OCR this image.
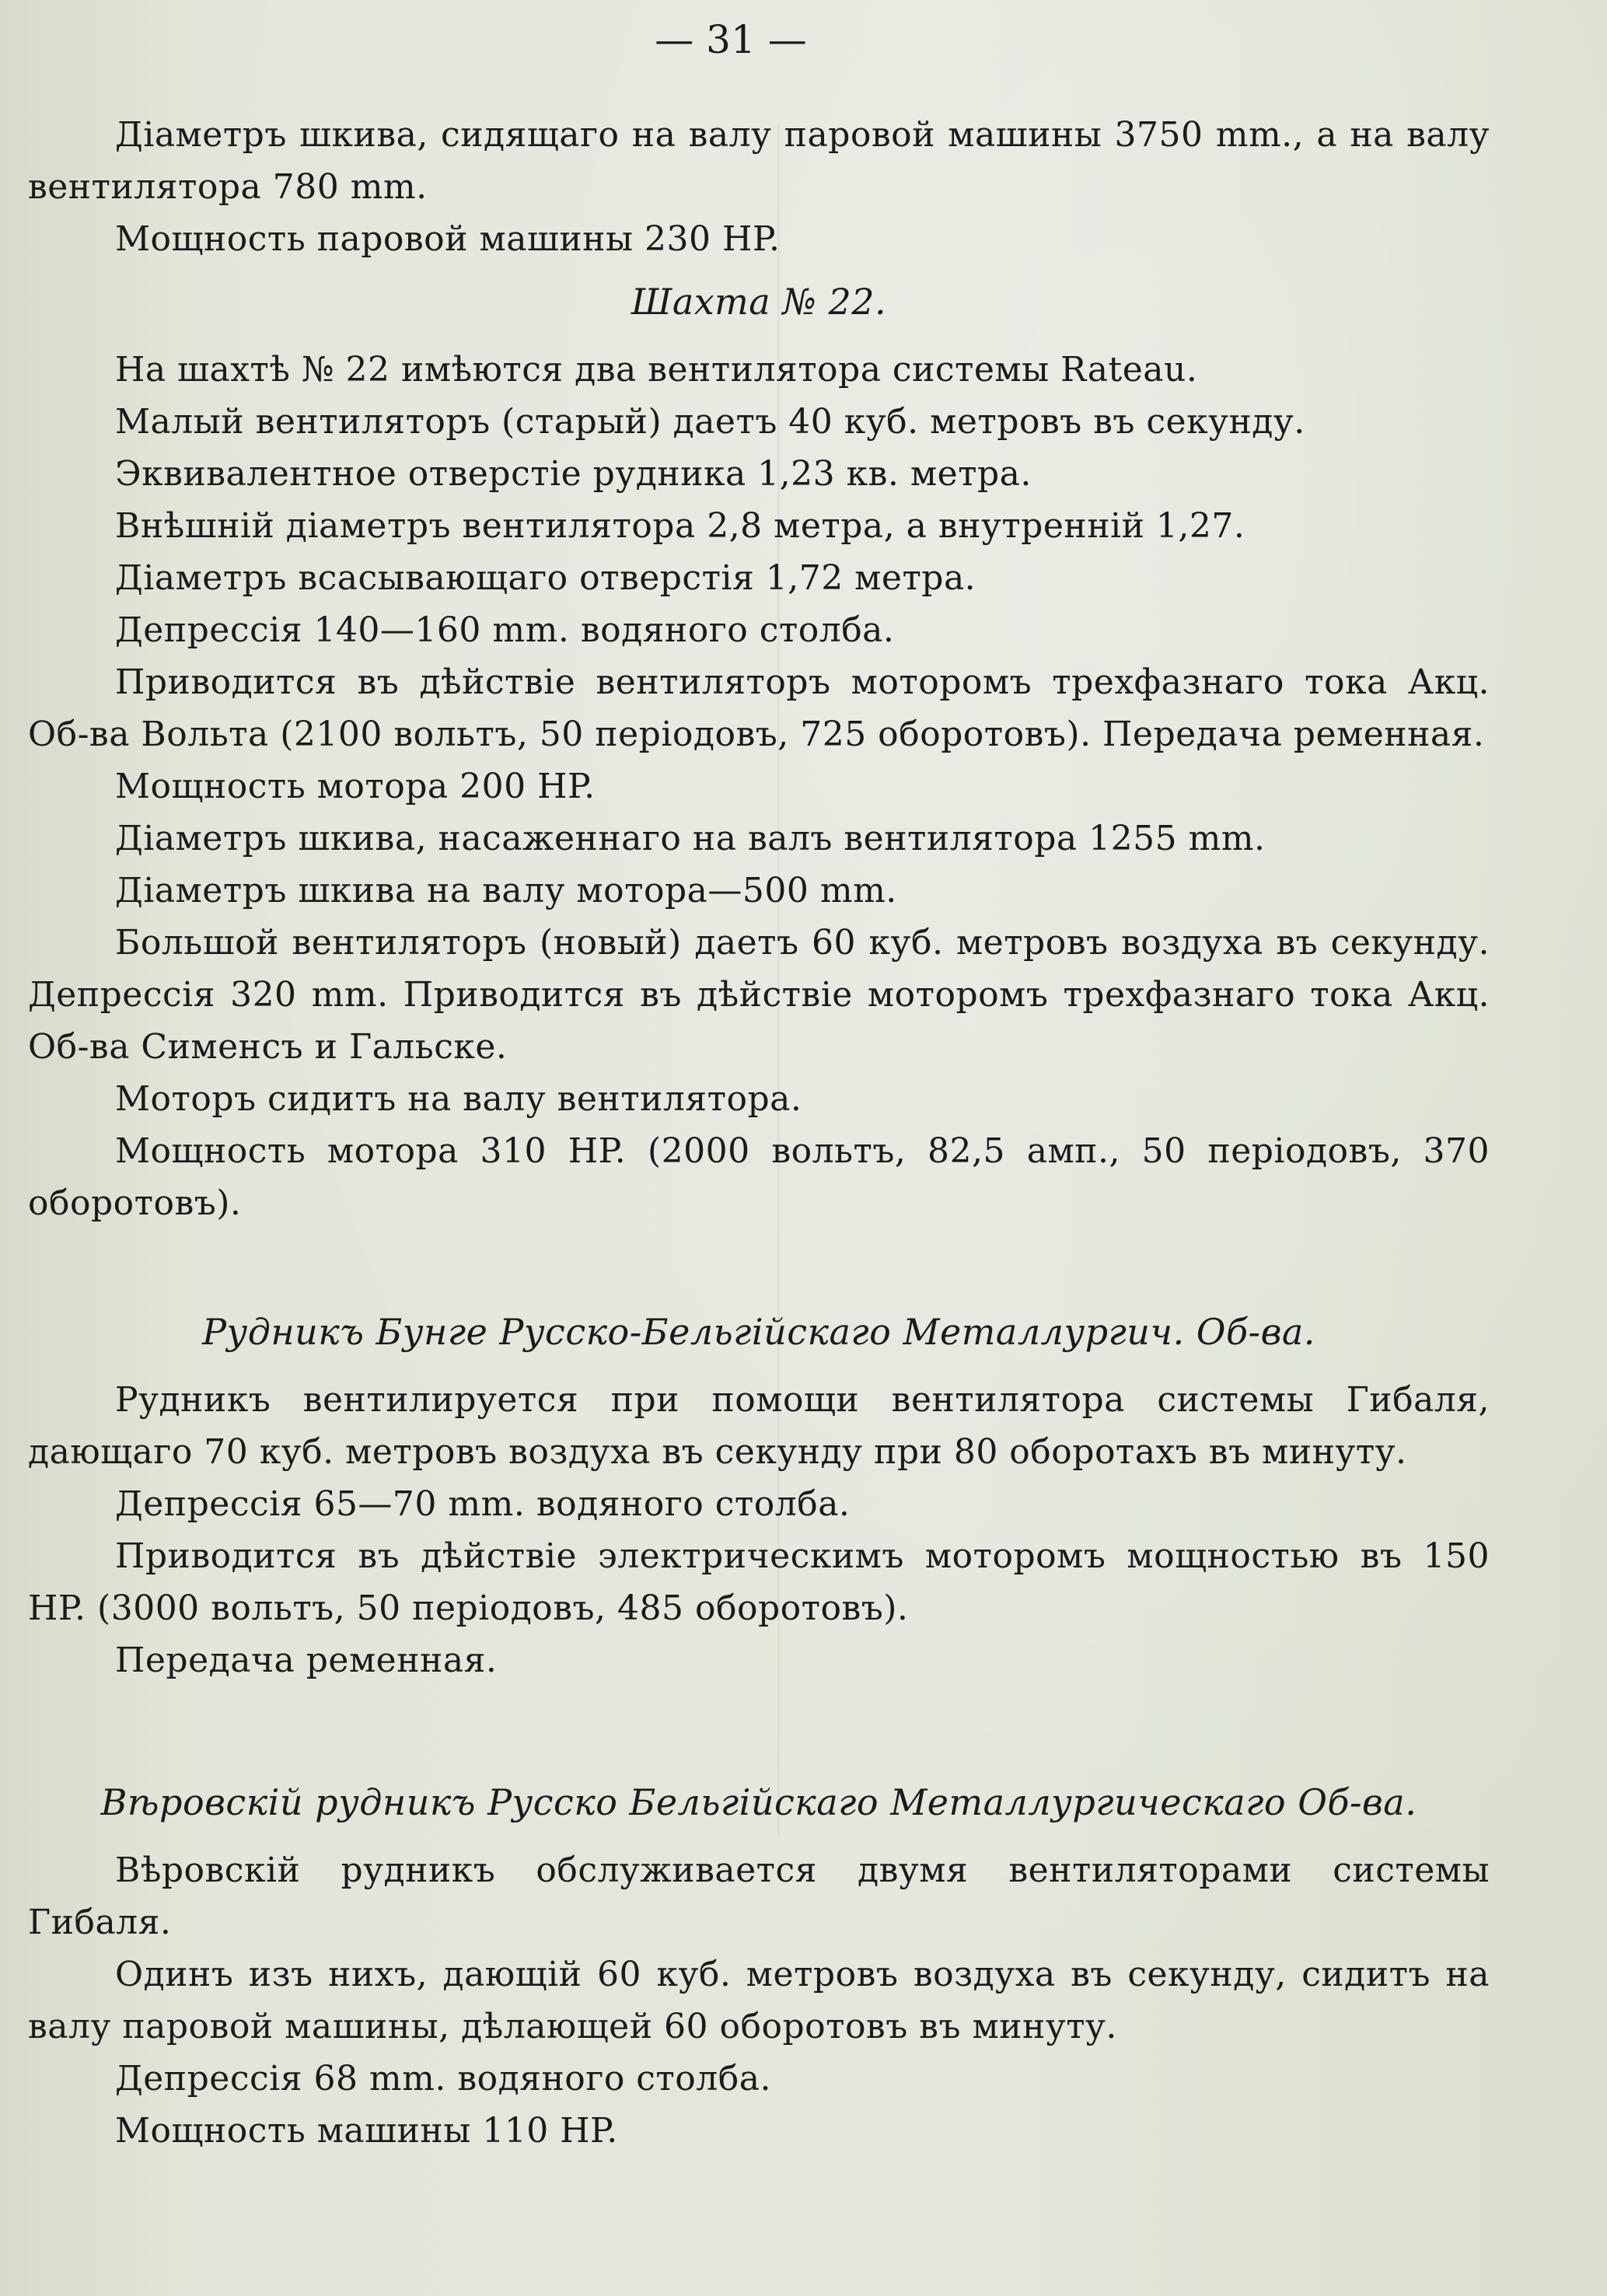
— 31 —

Діаметръ шкива, сидящаго на валу паровой машины 3750 mm., а на валу вентилятора 780 mm.

Мощность паровой машины 230 HP.

Шахта № 22.

На шахтѣ № 22 имѣются два вентилятора системы Rateau.

Малый вентиляторъ (старый) даетъ 40 куб. метровъ въ секунду.

Эквивалентное отверстіе рудника 1,23 кв. метра.

Внѣшній діаметръ вентилятора 2,8 метра, а внутренній 1,27.

Діаметръ всасывающаго отверстія 1,72 метра.

Депрессія 140—160 mm. водяного столба.

Приводится въ дѣйствіе вентиляторъ моторомъ трехфазнаго тока Акц. Об-ва Вольта (2100 вольтъ, 50 періодовъ, 725 оборотовъ). Передача ременная.

Мощность мотора 200 HP.

Діаметръ шкива, насаженнаго на валъ вентилятора 1255 mm.

Діаметръ шкива на валу мотора—500 mm.

Большой вентиляторъ (новый) даетъ 60 куб. метровъ воздуха въ секунду. Депрессія 320 mm. Приводится въ дѣйствіе моторомъ трехфазнаго тока Акц. Об-ва Сименсъ и Гальске.

Моторъ сидитъ на валу вентилятора.

Мощность мотора 310 HP. (2000 вольтъ, 82,5 амп., 50 періодовъ, 370 оборотовъ).

Рудникъ Бунге Русско-Бельгійскаго Металлургич. Об-ва.

Рудникъ вентилируется при помощи вентилятора системы Гибаля, дающаго 70 куб. метровъ воздуха въ секунду при 80 оборотахъ въ минуту.

Депрессія 65—70 mm. водяного столба.

Приводится въ дѣйствіе электрическимъ моторомъ мощностью въ 150 HP. (3000 вольтъ, 50 періодовъ, 485 оборотовъ).

Передача ременная.

Вѣровскій рудникъ Русско Бельгійскаго Металлургическаго Об-ва.

Вѣровскій рудникъ обслуживается двумя вентиляторами системы Гибаля.

Одинъ изъ нихъ, дающій 60 куб. метровъ воздуха въ секунду, сидитъ на валу паровой машины, дѣлающей 60 оборотовъ въ минуту.

Депрессія 68 mm. водяного столба.

Мощность машины 110 HP.
